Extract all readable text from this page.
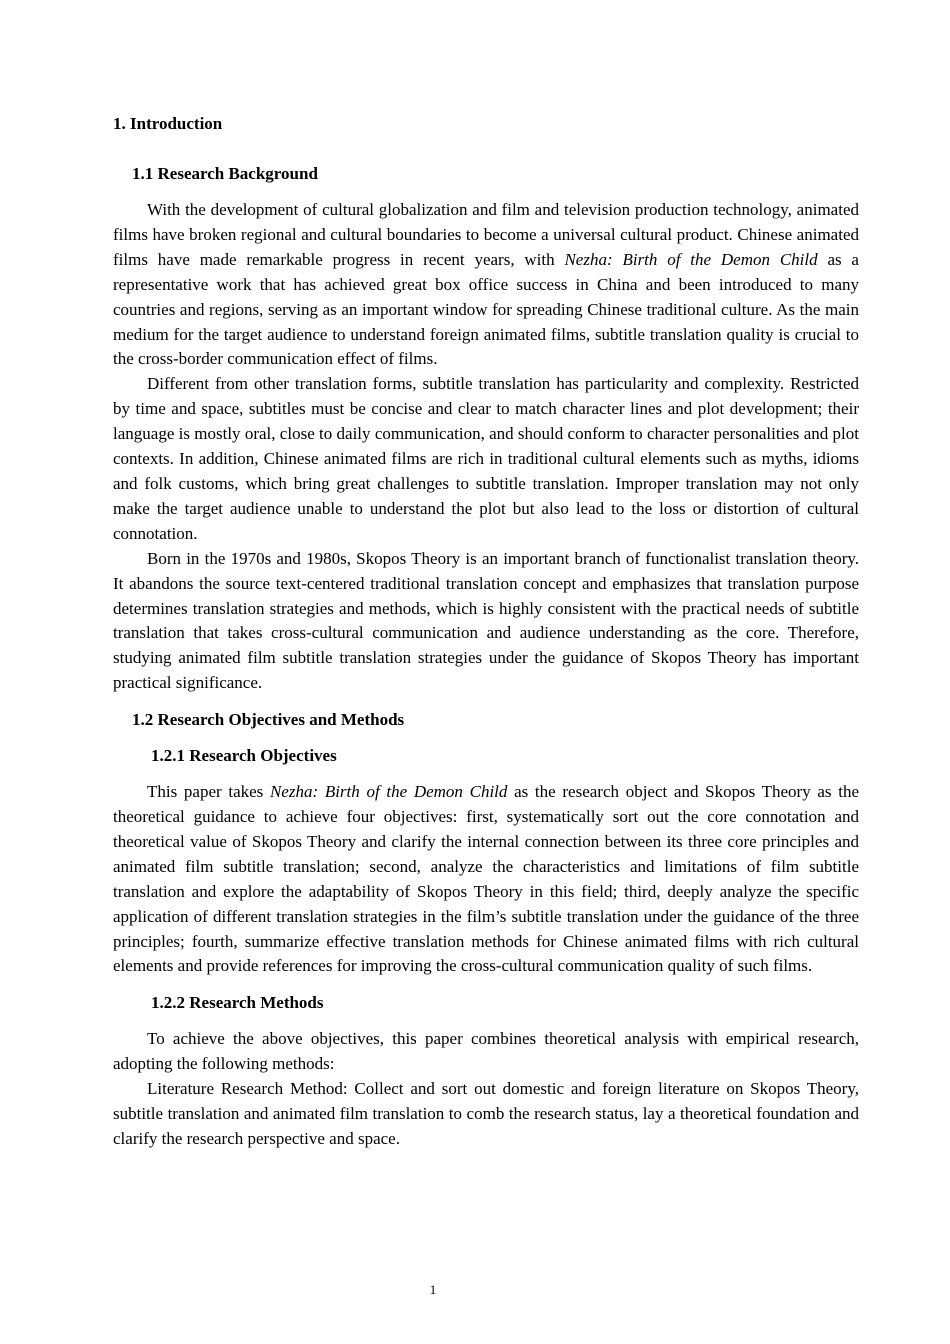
1. Introduction
1.1 Research Background

With the development of cultural globalization and film and television production technology, animated films have broken regional and cultural boundaries to become a universal cultural product. Chinese animated films have made remarkable progress in recent years, with Nezha: Birth of the Demon Child as a representative work that has achieved great box office success in China and been introduced to many countries and regions, serving as an important window for spreading Chinese traditional culture. As the main medium for the target audience to understand foreign animated films, subtitle translation quality is crucial to the cross-border communication effect of films.

Different from other translation forms, subtitle translation has particularity and complexity. Restricted by time and space, subtitles must be concise and clear to match character lines and plot development; their language is mostly oral, close to daily communication, and should conform to character personalities and plot contexts. In addition, Chinese animated films are rich in traditional cultural elements such as myths, idioms and folk customs, which bring great challenges to subtitle translation. Improper translation may not only make the target audience unable to understand the plot but also lead to the loss or distortion of cultural connotation.

Born in the 1970s and 1980s, Skopos Theory is an important branch of functionalist translation theory. It abandons the source text-centered traditional translation concept and emphasizes that translation purpose determines translation strategies and methods, which is highly consistent with the practical needs of subtitle translation that takes cross-cultural communication and audience understanding as the core. Therefore, studying animated film subtitle translation strategies under the guidance of Skopos Theory has important practical significance.

1.2 Research Objectives and Methods
1.2.1 Research Objectives

This paper takes Nezha: Birth of the Demon Child as the research object and Skopos Theory as the theoretical guidance to achieve four objectives: first, systematically sort out the core connotation and theoretical value of Skopos Theory and clarify the internal connection between its three core principles and animated film subtitle translation; second, analyze the characteristics and limitations of film subtitle translation and explore the adaptability of Skopos Theory in this field; third, deeply analyze the specific application of different translation strategies in the film’s subtitle translation under the guidance of the three principles; fourth, summarize effective translation methods for Chinese animated films with rich cultural elements and provide references for improving the cross-cultural communication quality of such films.

1.2.2 Research Methods

To achieve the above objectives, this paper combines theoretical analysis with empirical research, adopting the following methods:

Literature Research Method: Collect and sort out domestic and foreign literature on Skopos Theory, subtitle translation and animated film translation to comb the research status, lay a theoretical foundation and clarify the research perspective and space.

1
